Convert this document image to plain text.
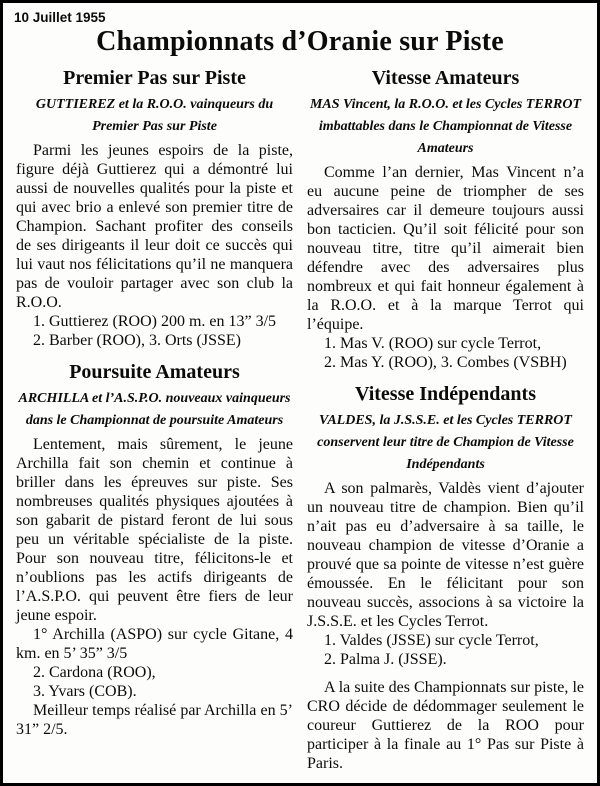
10 Juillet 1955
Championnats d’Oranie sur Piste
Premier Pas sur Piste

GUTTIEREZ et la R.O.O. vainqueurs du Premier Pas sur Piste

Parmi les jeunes espoirs de la piste, figure déjà Guttierez qui a démontré lui aussi de nouvelles qualités pour la piste et qui avec brio a enlevé son premier titre de Champion. Sachant profiter des conseils de ses dirigeants il leur doit ce succès qui lui vaut nos félicitations qu’il ne manquera pas de vouloir partager avec son club la R.O.O.

1. Guttierez (ROO) 200 m. en 13” 3/5

2. Barber (ROO), 3. Orts (JSSE)

Poursuite Amateurs

ARCHILLA et l’A.S.P.O. nouveaux vainqueurs dans le Championnat de poursuite Amateurs

Lentement, mais sûrement, le jeune Archilla fait son chemin et continue à briller dans les épreuves sur piste. Ses nombreuses qualités physiques ajoutées à son gabarit de pistard feront de lui sous peu un véritable spécialiste de la piste. Pour son nouveau titre, félicitons-le et n’oublions pas les actifs dirigeants de l’A.S.P.O. qui peuvent être fiers de leur jeune espoir.

1° Archilla (ASPO) sur cycle Gitane, 4 km. en 5’ 35” 3/5

2. Cardona (ROO),

3. Yvars (COB).

Meilleur temps réalisé par Archilla en 5’ 31” 2/5.

Vitesse Amateurs

MAS Vincent, la R.O.O. et les Cycles TERROT imbattables dans le Championnat de Vitesse Amateurs

Comme l’an dernier, Mas Vincent n’a eu aucune peine de triompher de ses adversaires car il demeure toujours aussi bon tacticien. Qu’il soit félicité pour son nouveau titre, titre qu’il aimerait bien défendre avec des adversaires plus nombreux et qui fait honneur également à la R.O.O. et à la marque Terrot qui l’équipe.

1. Mas V. (ROO) sur cycle Terrot,

2. Mas Y. (ROO), 3. Combes (VSBH)

Vitesse Indépendants

VALDES, la J.S.S.E. et les Cycles TERROT conservent leur titre de Champion de Vitesse Indépendants

A son palmarès, Valdès vient d’ajouter un nouveau titre de champion. Bien qu’il n’ait pas eu d’adversaire à sa taille, le nouveau champion de vitesse d’Oranie a prouvé que sa pointe de vitesse n’est guère émoussée. En le félicitant pour son nouveau succès, associons à sa victoire la J.S.S.E. et les Cycles Terrot.

1. Valdes (JSSE) sur cycle Terrot,

2. Palma J. (JSSE).

A la suite des Championnats sur piste, le CRO décide de dédommager seulement le coureur Guttierez de la ROO pour participer à la finale au 1° Pas sur Piste à Paris.
